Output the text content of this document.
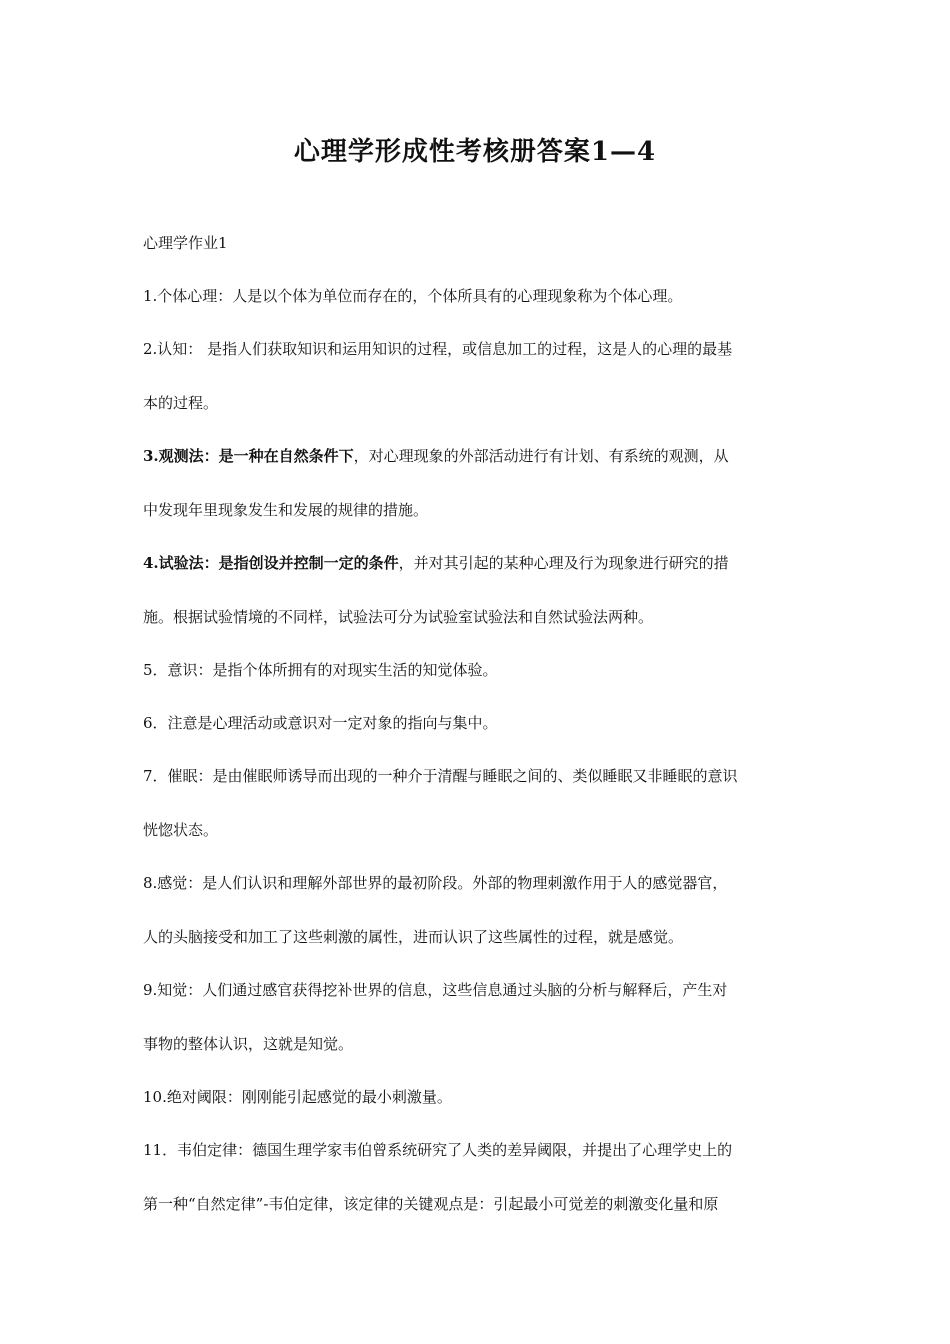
心理学形成性考核册答案1—4
心理学作业1
1.个体心理：人是以个体为单位而存在的，个体所具有的心理现象称为个体心理。
2.认知： 是指人们获取知识和运用知识的过程，或信息加工的过程，这是人的心理的最基
本的过程。
3.观测法：是一种在自然条件下，对心理现象的外部活动进行有计划、有系统的观测，从
中发现年里现象发生和发展的规律的措施。
4.试验法：是指创设并控制一定的条件，并对其引起的某种心理及行为现象进行研究的措
施。根据试验情境的不同样，试验法可分为试验室试验法和自然试验法两种。
5．意识：是指个体所拥有的对现实生活的知觉体验。
6．注意是心理活动或意识对一定对象的指向与集中。
7．催眠：是由催眠师诱导而出现的一种介于清醒与睡眠之间的、类似睡眠又非睡眠的意识
恍惚状态。
8.感觉：是人们认识和理解外部世界的最初阶段。外部的物理刺激作用于人的感觉器官，
人的头脑接受和加工了这些刺激的属性，进而认识了这些属性的过程，就是感觉。
9.知觉：人们通过感官获得挖补世界的信息，这些信息通过头脑的分析与解释后，产生对
事物的整体认识，这就是知觉。
10.绝对阈限：刚刚能引起感觉的最小刺激量。
11．韦伯定律：德国生理学家韦伯曾系统研究了人类的差异阈限，并提出了心理学史上的
第一种“自然定律”-韦伯定律，该定律的关键观点是：引起最小可觉差的刺激变化量和原
